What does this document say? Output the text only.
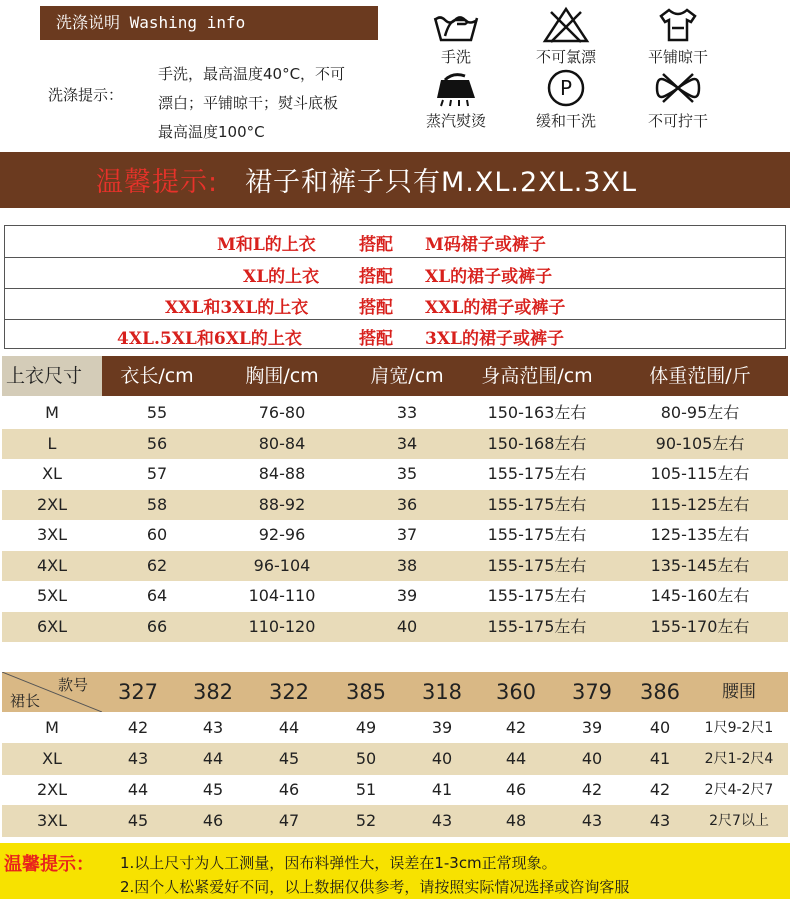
洗涤说明 Washing info
洗涤提示：
手洗，最高温度40°C，不可
漂白；平铺晾干；熨斗底板
最高温度100°C
手洗	不可氯漂	平铺晾干
蒸汽熨烫
P
缓和干洗	不可拧干
温馨提示: 裙子和裤子只有M.XL.2XL.3XL
M和L的上衣	搭配 M码裙子或裤子
XL的上衣 搭配 XL的裙子或裤子
XXL和3XL的上衣	搭配 XXL的裙子或裤子
4XL.5XL和6XL的上衣	搭配 3XL的裙子或裤子
上衣尺寸	衣长/cm	胸围/cm	肩宽/cm	身高范围/cm	体重范围/斤
M	55	76-80	33	150-163左右	80-95左右
L	56	80-84	34	150-168左右	90-105左右
XL	57	84-88	35	155-175左右	105-115左右
2XL	58	88-92	36	155-175左右	115-125左右
3XL	60	92-96	37	155-175左右	125-135左右
4XL	62	96-104	38	155-175左右	135-145左右
5XL	64	104-110	39	155-175左右	145-160左右
6XL	66	110-120	40	155-175左右	155-170左右
款号
裙长	327	382	322	385	318	360	379	386	腰围
M	42	43	44	49	39	42	39	40	1尺9-2尺1
XL	43	44	45	50	40	44	40	41	2尺1-2尺4
2XL	44	45	46	51	41	46	42	42	2尺4-2尺7
3XL	45	46	47	52	43	48	43	43	2尺7以上
温馨提示： 1.以上尺寸为人工测量，因布料弹性大，误差在1-3cm正常现象。
2.因个人松紧爱好不同，以上数据仅供参考，请按照实际情况选择或咨询客服
